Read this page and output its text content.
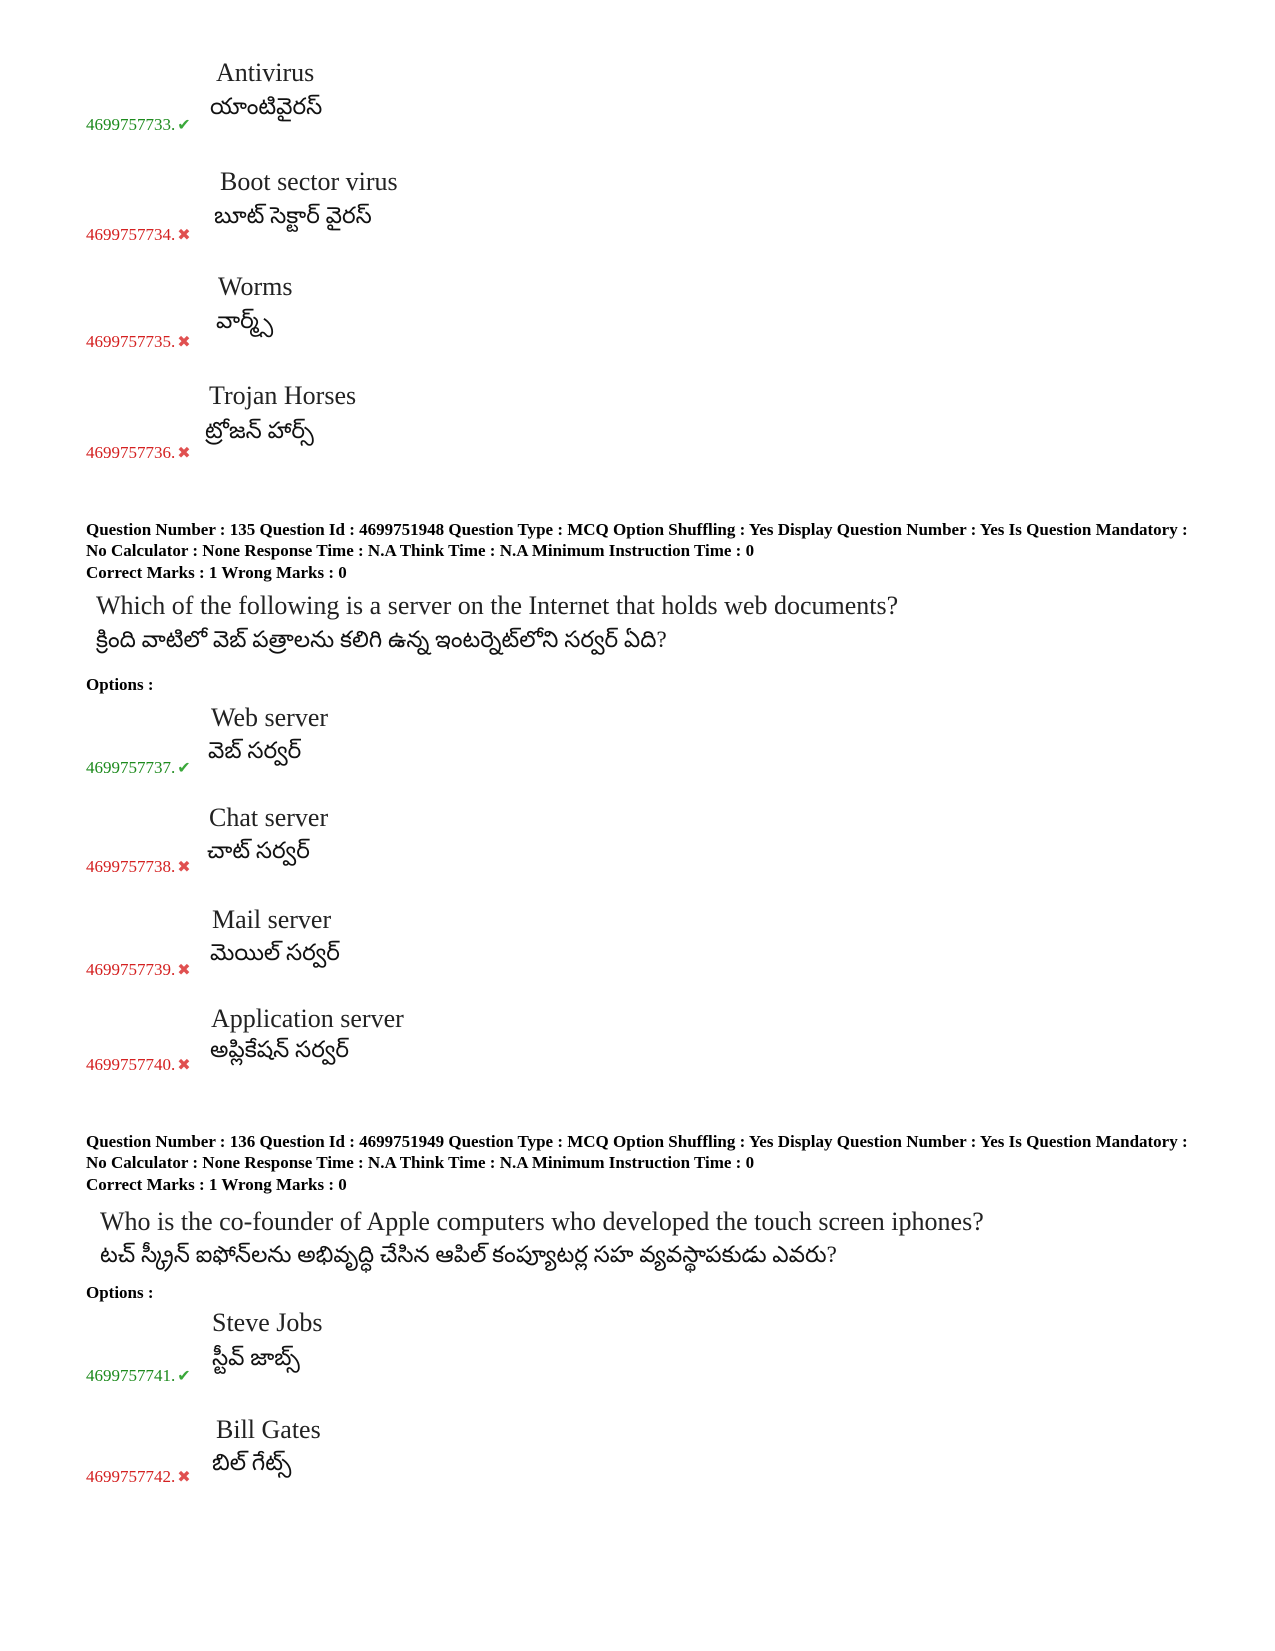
Antivirus
యాంటివైరస్
4699757733. ✔
Boot sector virus
బూట్ సెక్టార్ వైరస్
4699757734. ✖
Worms
వార్మ్స్
4699757735. ✖
Trojan Horses
ట్రోజన్ హార్స్
4699757736. ✖
Question Number : 135 Question Id : 4699751948 Question Type : MCQ Option Shuffling : Yes Display Question Number : Yes Is Question Mandatory : No Calculator : None Response Time : N.A Think Time : N.A Minimum Instruction Time : 0
Correct Marks : 1 Wrong Marks : 0
Which of the following is a server on the Internet that holds web documents?
క్రింది వాటిలో వెబ్ పత్రాలను కలిగి ఉన్న ఇంటర్నెట్‌లోని సర్వర్ ఏది?
Options :
Web server
వెబ్ సర్వర్
4699757737. ✔
Chat server
చాట్ సర్వర్
4699757738. ✖
Mail server
మెయిల్ సర్వర్
4699757739. ✖
Application server
అప్లికేషన్ సర్వర్
4699757740. ✖
Question Number : 136 Question Id : 4699751949 Question Type : MCQ Option Shuffling : Yes Display Question Number : Yes Is Question Mandatory : No Calculator : None Response Time : N.A Think Time : N.A Minimum Instruction Time : 0
Correct Marks : 1 Wrong Marks : 0
Who is the co-founder of Apple computers who developed the touch screen iphones?
టచ్ స్క్రీన్ ఐఫోన్‌లను అభివృద్ధి చేసిన ఆపిల్ కంప్యూటర్ల సహ వ్యవస్థాపకుడు ఎవరు?
Options :
Steve Jobs
స్టీవ్ జాబ్స్
4699757741. ✔
Bill Gates
బిల్ గేట్స్
4699757742. ✖
